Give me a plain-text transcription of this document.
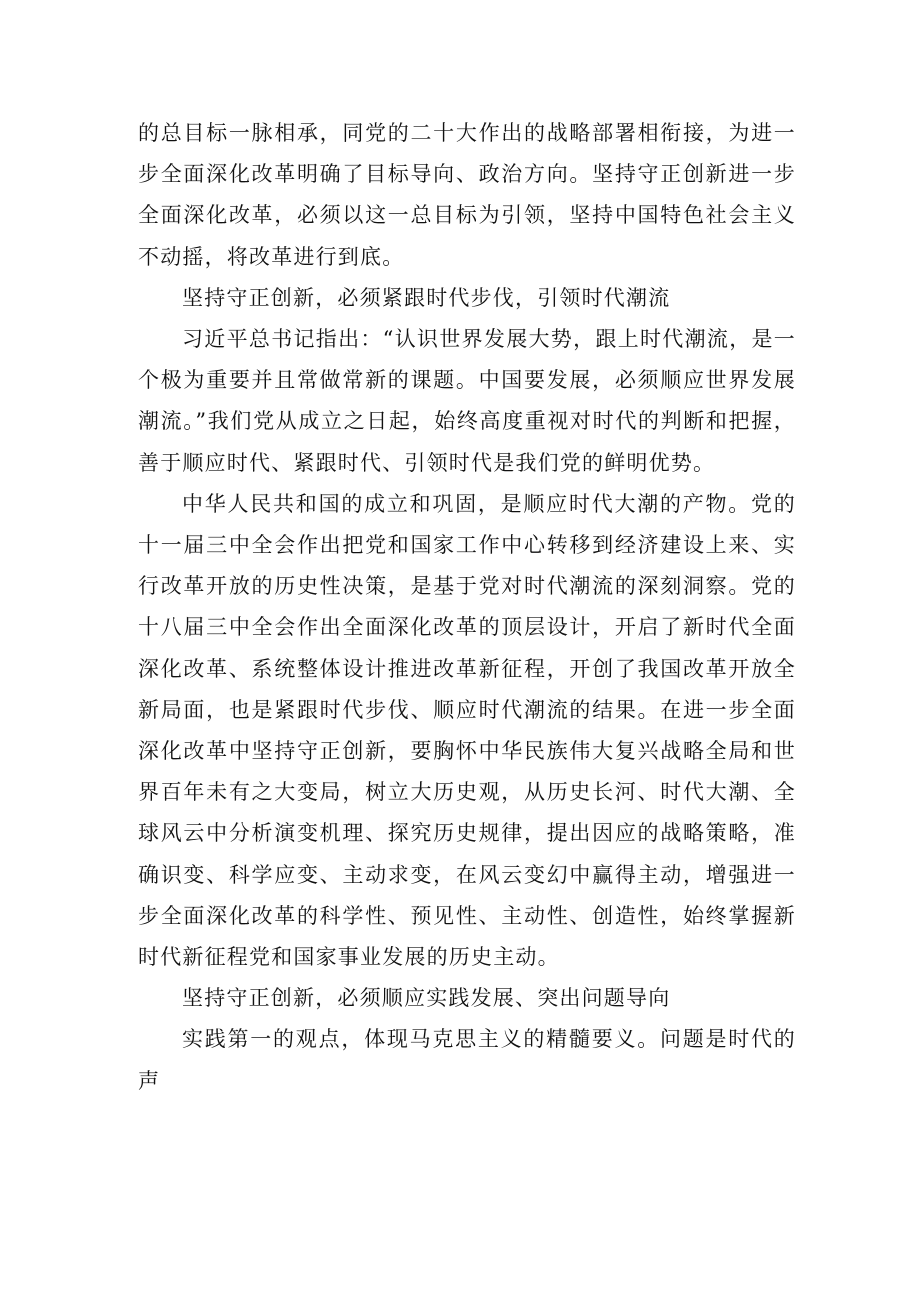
的总目标一脉相承，同党的二十大作出的战略部署相衔接，为进一步全面深化改革明确了目标导向、政治方向。坚持守正创新进一步全面深化改革，必须以这一总目标为引领，坚持中国特色社会主义不动摇，将改革进行到底。

坚持守正创新，必须紧跟时代步伐，引领时代潮流

习近平总书记指出：“认识世界发展大势，跟上时代潮流，是一个极为重要并且常做常新的课题。中国要发展，必须顺应世界发展潮流。”我们党从成立之日起，始终高度重视对时代的判断和把握，善于顺应时代、紧跟时代、引领时代是我们党的鲜明优势。

中华人民共和国的成立和巩固，是顺应时代大潮的产物。党的十一届三中全会作出把党和国家工作中心转移到经济建设上来、实行改革开放的历史性决策，是基于党对时代潮流的深刻洞察。党的十八届三中全会作出全面深化改革的顶层设计，开启了新时代全面深化改革、系统整体设计推进改革新征程，开创了我国改革开放全新局面，也是紧跟时代步伐、顺应时代潮流的结果。在进一步全面深化改革中坚持守正创新，要胸怀中华民族伟大复兴战略全局和世界百年未有之大变局，树立大历史观，从历史长河、时代大潮、全球风云中分析演变机理、探究历史规律，提出因应的战略策略，准确识变、科学应变、主动求变，在风云变幻中赢得主动，增强进一步全面深化改革的科学性、预见性、主动性、创造性，始终掌握新时代新征程党和国家事业发展的历史主动。

坚持守正创新，必须顺应实践发展、突出问题导向

实践第一的观点，体现马克思主义的精髓要义。问题是时代的声
